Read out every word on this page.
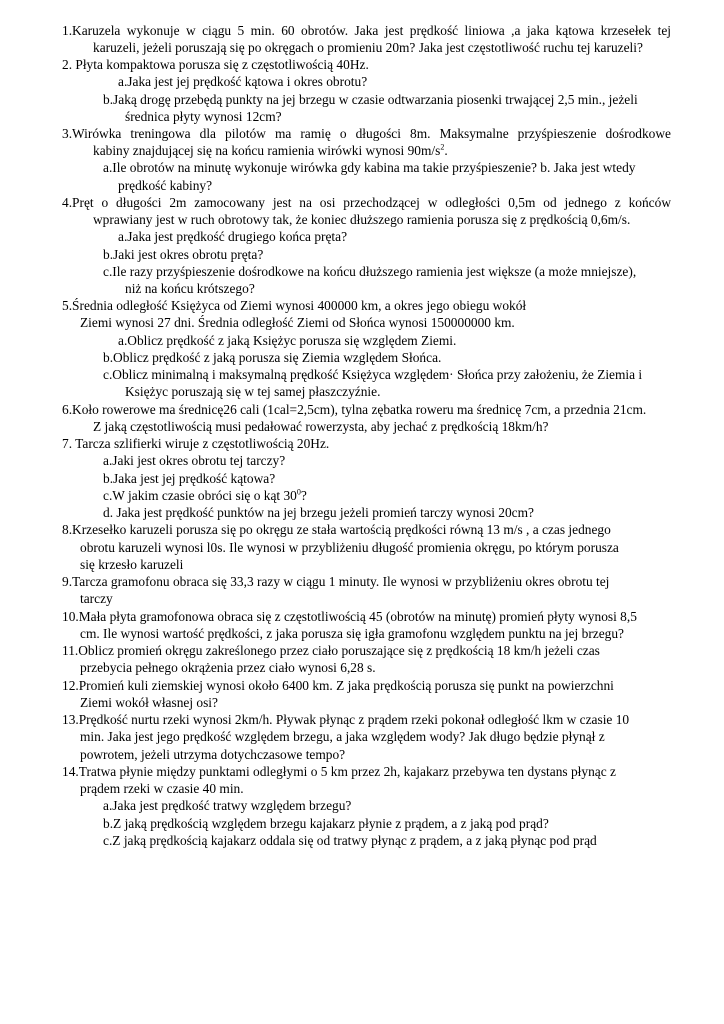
1.Karuzela wykonuje w ciągu 5 min. 60 obrotów. Jaka jest prędkość liniowa ,a jaka kątowa krzesełek tej
karuzeli, jeżeli poruszają się po okręgach o promieniu 20m? Jaka jest częstotliwość ruchu tej karuzeli?
2. Płyta kompaktowa porusza się z częstotliwością 40Hz.
a.Jaka jest jej prędkość kątowa i okres obrotu?
b.Jaką drogę przebędą punkty na jej brzegu w czasie odtwarzania piosenki trwającej 2,5 min., jeżeli
średnica płyty wynosi 12cm?
3.Wirówka treningowa dla pilotów ma ramię o długości 8m. Maksymalne przyśpieszenie dośrodkowe
kabiny znajdującej się na końcu ramienia wirówki wynosi $90m/s^2$.
a.Ile obrotów na minutę wykonuje wirówka gdy kabina ma takie przyśpieszenie? b. Jaka jest wtedy
prędkość kabiny?
4.Pręt o długości 2m zamocowany jest na osi przechodzącej w odległości 0,5m od jednego z końców
wprawiany jest w ruch obrotowy tak, że koniec dłuższego ramienia porusza się z prędkością 0,6m/s.
a.Jaka jest prędkość drugiego końca pręta?
b.Jaki jest okres obrotu pręta?
c.Ile razy przyśpieszenie dośrodkowe na końcu dłuższego ramienia jest większe (a może mniejsze),
niż na końcu krótszego?
5.Średnia odległość Księżyca od Ziemi wynosi 400000 km, a okres jego obiegu wokół
Ziemi wynosi 27 dni. Średnia odległość Ziemi od Słońca wynosi 150000000 km.
a.Oblicz prędkość z jaką Księżyc porusza się względem Ziemi.
b.Oblicz prędkość z jaką porusza się Ziemia względem Słońca.
c.Oblicz minimalną i maksymalną prędkość Księżyca względem· Słońca przy założeniu, że Ziemia i
Księżyc poruszają się w tej samej płaszczyźnie.
6.Koło rowerowe ma średnicę26 cali (1cal=2,5cm), tylna zębatka roweru ma średnicę 7cm, a przednia 21cm.
Z jaką częstotliwością musi pedałować rowerzysta, aby jechać z prędkością 18km/h?
7. Tarcza szlifierki wiruje z częstotliwością 20Hz.
a.Jaki jest okres obrotu tej tarczy?
b.Jaka jest jej prędkość kątowa?
c.W jakim czasie obróci się o kąt $30^0$?
d. Jaka jest prędkość punktów na jej brzegu jeżeli promień tarczy wynosi 20cm?
8.Krzesełko karuzeli porusza się po okręgu ze stała wartością prędkości równą 13 m/s , a czas jednego
obrotu karuzeli wynosi l0s. Ile wynosi w przybliżeniu długość promienia okręgu, po którym porusza
się krzesło karuzeli
9.Tarcza gramofonu obraca się 33,3 razy w ciągu 1 minuty. Ile wynosi w przybliżeniu okres obrotu tej
tarczy
10.Mała płyta gramofonowa obraca się z częstotliwością 45 (obrotów na minutę) promień płyty wynosi 8,5
cm. Ile wynosi wartość prędkości, z jaka porusza się igła gramofonu względem punktu na jej brzegu?
11.Oblicz promień okręgu zakreślonego przez ciało poruszające się z prędkością 18 km/h jeżeli czas
przebycia pełnego okrążenia przez ciało wynosi 6,28 s.
12.Promień kuli ziemskiej wynosi około 6400 km. Z jaka prędkością porusza się punkt na powierzchni
Ziemi wokół własnej osi?
13.Prędkość nurtu rzeki wynosi 2km/h. Pływak płynąc z prądem rzeki pokonał odległość lkm w czasie 10
min. Jaka jest jego prędkość względem brzegu, a jaka względem wody? Jak długo będzie płynął z
powrotem, jeżeli utrzyma dotychczasowe tempo?
14.Tratwa płynie między punktami odległymi o 5 km przez 2h, kajakarz przebywa ten dystans płynąc z
prądem rzeki w czasie 40 min.
a.Jaka jest prędkość tratwy względem brzegu?
b.Z jaką prędkością względem brzegu kajakarz płynie z prądem, a z jaką pod prąd?
c.Z jaką prędkością kajakarz oddala się od tratwy płynąc z prądem, a z jaką płynąc pod prąd
